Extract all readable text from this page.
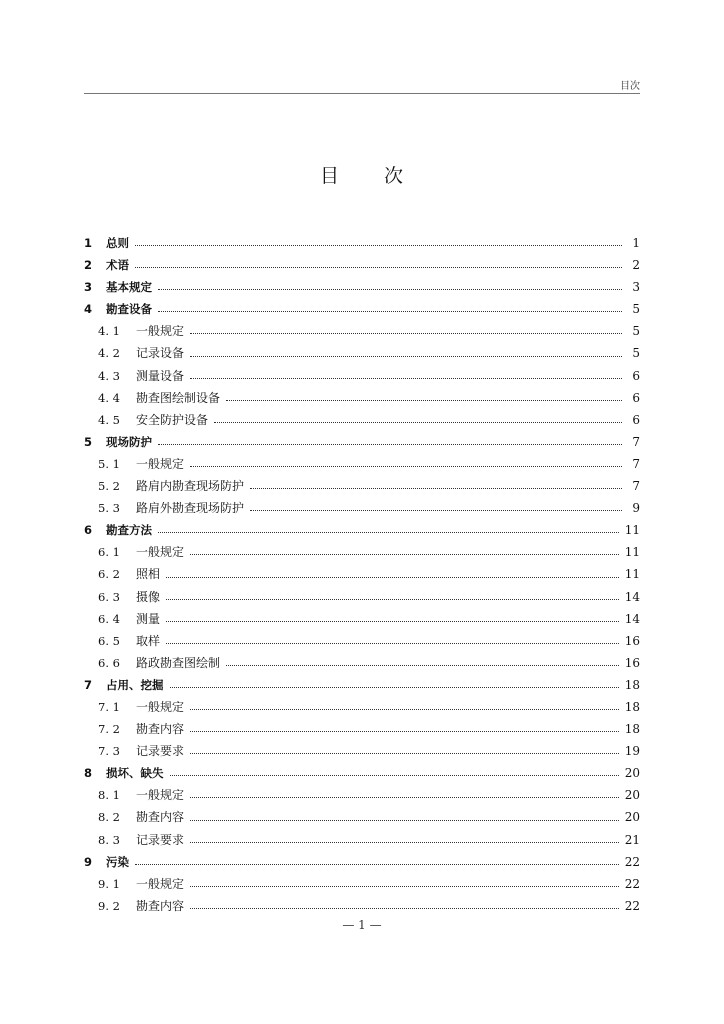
目次
目 次
1	总则	1
2	术语	2
3	基本规定	3
4	勘查设备	5
4. 1	一般规定	5
4. 2	记录设备	5
4. 3	测量设备	6
4. 4	勘查图绘制设备	6
4. 5	安全防护设备	6
5	现场防护	7
5. 1	一般规定	7
5. 2	路肩内勘查现场防护	7
5. 3	路肩外勘查现场防护	9
6	勘查方法	11
6. 1	一般规定	11
6. 2	照相	11
6. 3	摄像	14
6. 4	测量	14
6. 5	取样	16
6. 6	路政勘查图绘制	16
7	占用、挖掘	18
7. 1	一般规定	18
7. 2	勘查内容	18
7. 3	记录要求	19
8	损坏、缺失	20
8. 1	一般规定	20
8. 2	勘查内容	20
8. 3	记录要求	21
9	污染	22
9. 1	一般规定	22
9. 2	勘查内容	22
— 1 —
